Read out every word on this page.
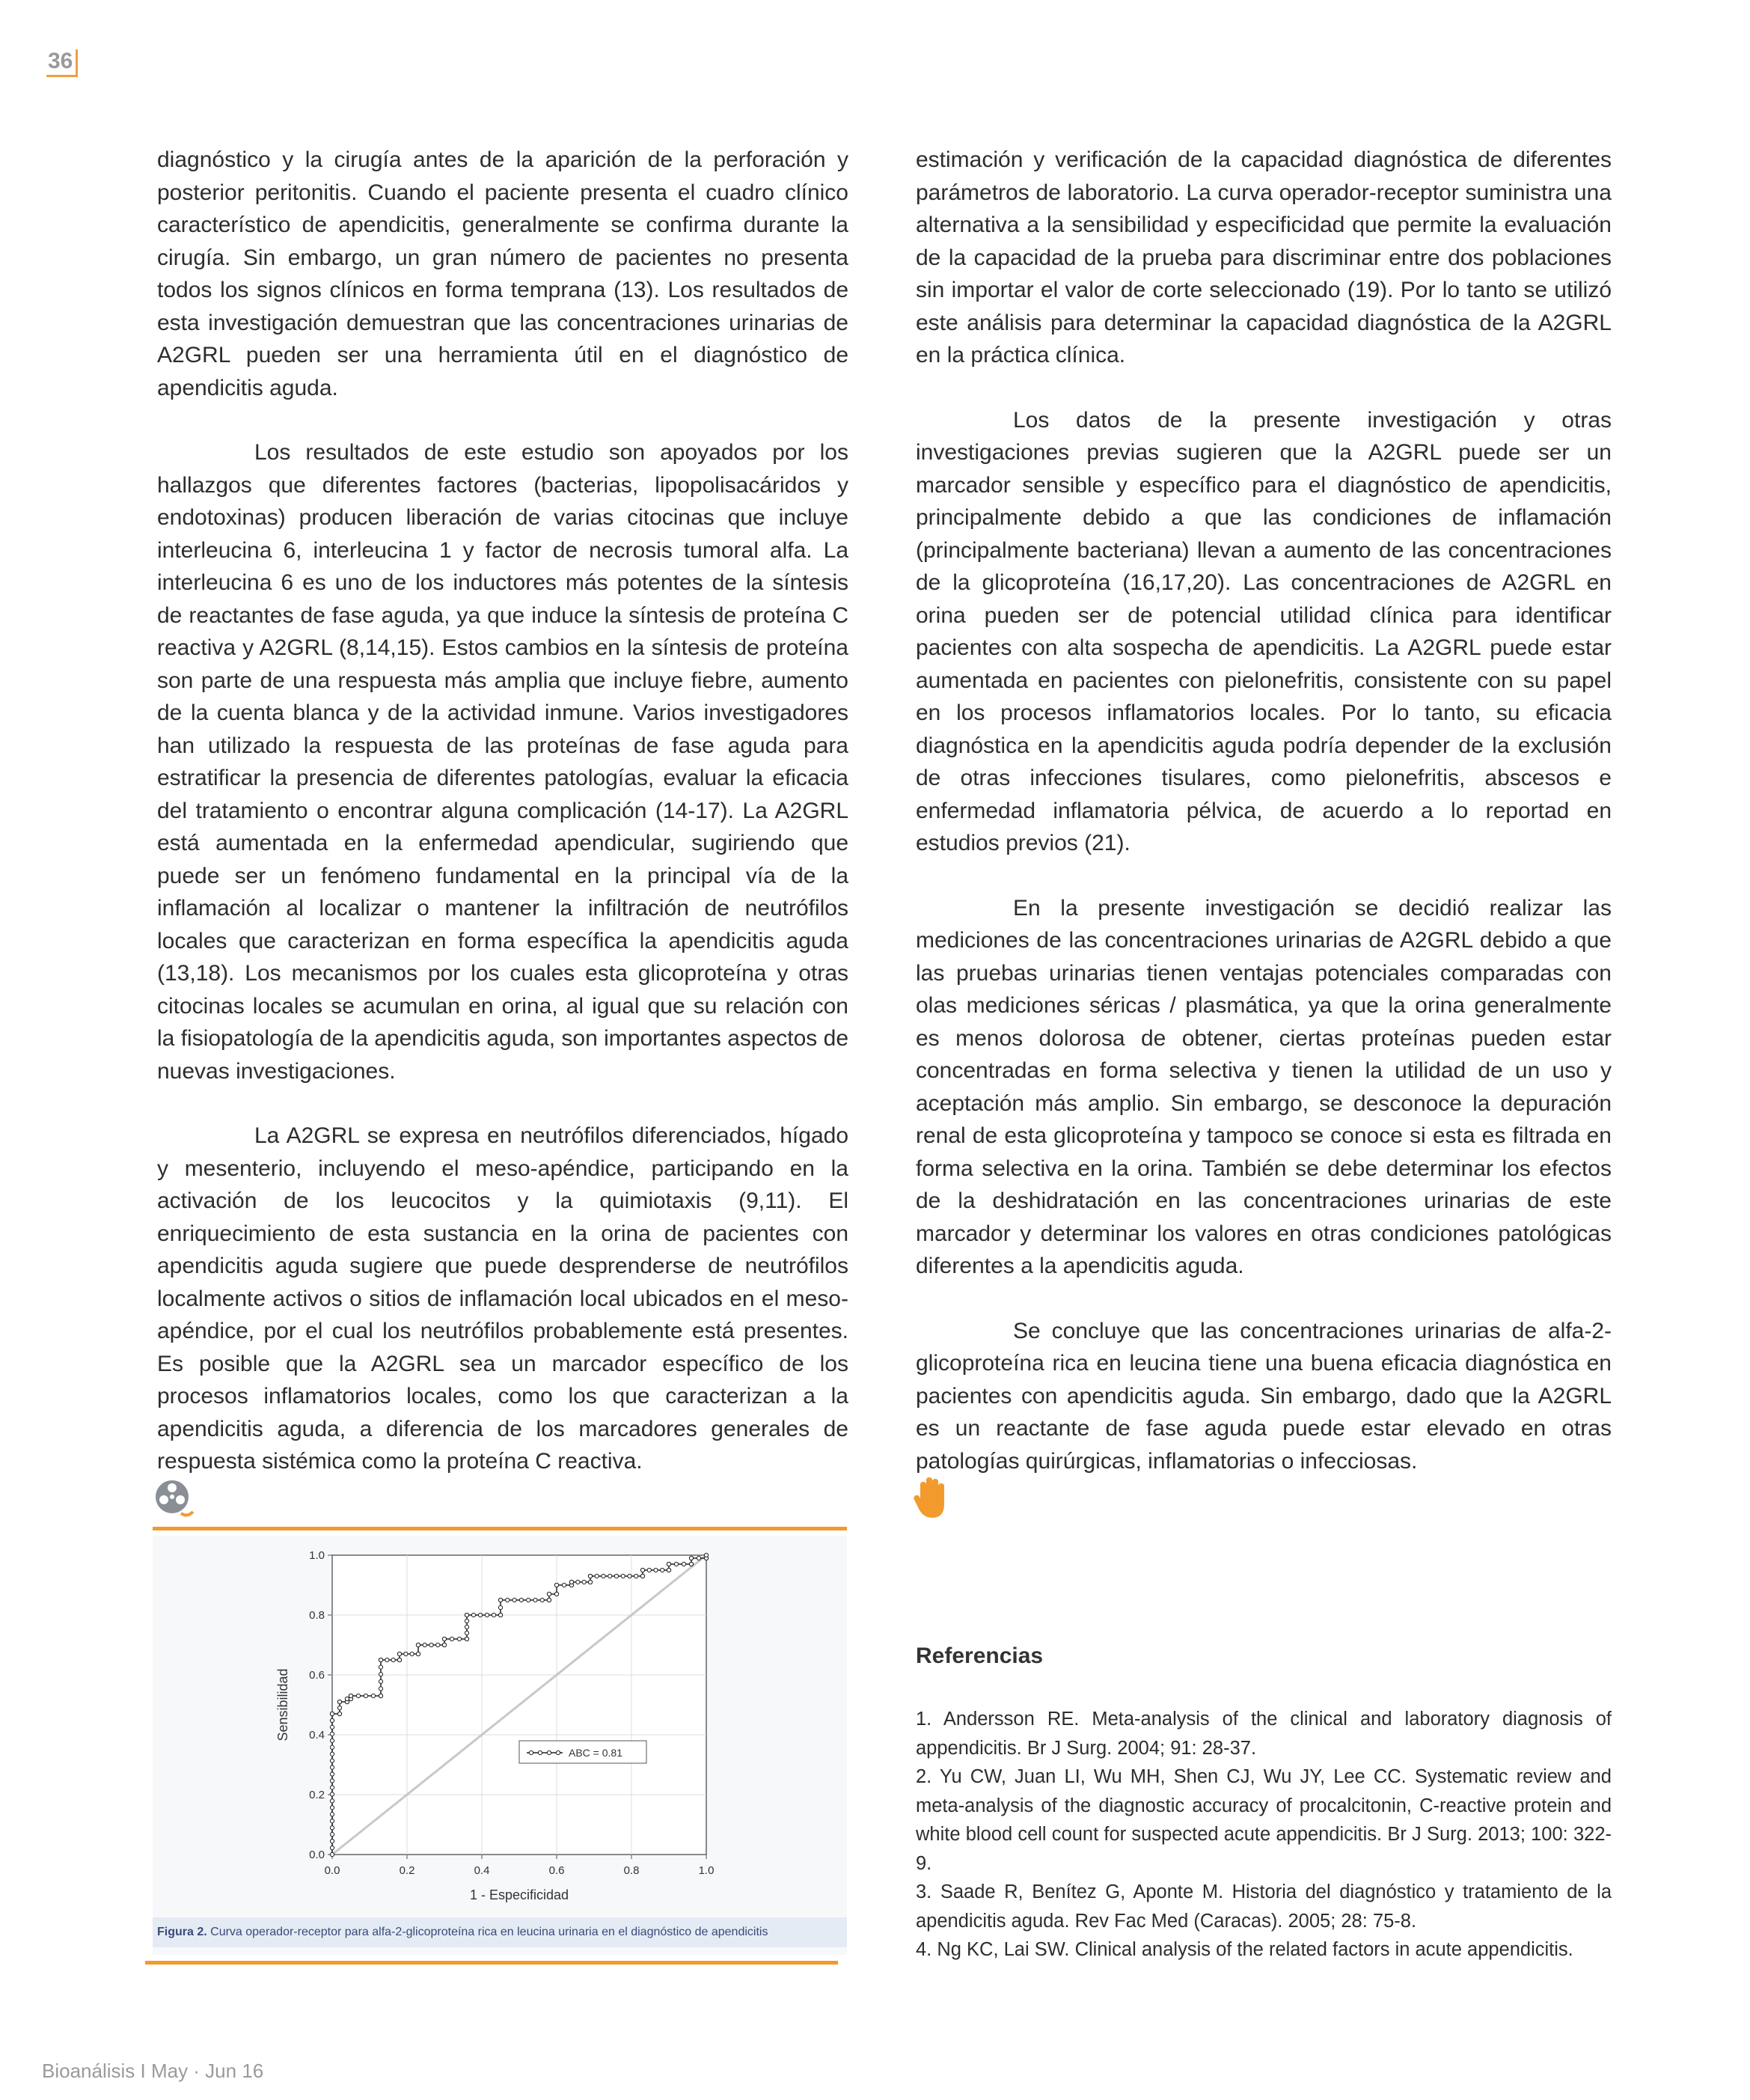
36

diagnóstico y la cirugía antes de la aparición de la perforación y posterior peritonitis. Cuando el paciente presenta el cuadro clínico característico de apendicitis, generalmente se confirma durante la cirugía. Sin embargo, un gran número de pacientes no presenta todos los signos clínicos en forma temprana (13). Los resultados de esta investigación demuestran que las concentraciones urinarias de A2GRL pueden ser una herramienta útil en el diagnóstico de apendicitis aguda.

Los resultados de este estudio son apoyados por los hallazgos que diferentes factores (bacterias, lipopolisacáridos y endotoxinas) producen liberación de varias citocinas que incluye interleucina 6, interleucina 1 y factor de necrosis tumoral alfa. La interleucina 6 es uno de los inductores más potentes de la síntesis de reactantes de fase aguda, ya que induce la síntesis de proteína C reactiva y A2GRL (8,14,15). Estos cambios en la síntesis de proteína son parte de una respuesta más amplia que incluye fiebre, aumento de la cuenta blanca y de la actividad inmune. Varios investigadores han utilizado la respuesta de las proteínas de fase aguda para estratificar la presencia de diferentes patologías, evaluar la eficacia del tratamiento o encontrar alguna complicación (14-17). La A2GRL está aumentada en la enfermedad apendicular, sugiriendo que puede ser un fenómeno fundamental en la principal vía de la inflamación al localizar o mantener la infiltración de neutrófilos locales que caracterizan en forma específica la apendicitis aguda (13,18). Los mecanismos por los cuales esta glicoproteína y otras citocinas locales se acumulan en orina, al igual que su relación con la fisiopatología de la apendicitis aguda, son importantes aspectos de nuevas investigaciones.

La A2GRL se expresa en neutrófilos diferenciados, hígado y mesenterio, incluyendo el meso-apéndice, participando en la activación de los leucocitos y la quimiotaxis (9,11). El enriquecimiento de esta sustancia en la orina de pacientes con apendicitis aguda sugiere que puede desprenderse de neutrófilos localmente activos o sitios de inflamación local ubicados en el meso-apéndice, por el cual los neutrófilos probablemente está presentes. Es posible que la A2GRL sea un marcador específico de los procesos inflamatorios locales, como los que caracterizan a la apendicitis aguda, a diferencia de los marcadores generales de respuesta sistémica como la proteína C reactiva.

estimación y verificación de la capacidad diagnóstica de diferentes parámetros de laboratorio. La curva operador-receptor suministra una alternativa a la sensibilidad y especificidad que permite la evaluación de la capacidad de la prueba para discriminar entre dos poblaciones sin importar el valor de corte seleccionado (19). Por lo tanto se utilizó este análisis para determinar la capacidad diagnóstica de la A2GRL en la práctica clínica.

Los datos de la presente investigación y otras investigaciones previas sugieren que la A2GRL puede ser un marcador sensible y específico para el diagnóstico de apendicitis, principalmente debido a que las condiciones de inflamación (principalmente bacteriana) llevan a aumento de las concentraciones de la glicoproteína (16,17,20). Las concentraciones de A2GRL en orina pueden ser de potencial utilidad clínica para identificar pacientes con alta sospecha de apendicitis. La A2GRL puede estar aumentada en pacientes con pielonefritis, consistente con su papel en los procesos inflamatorios locales. Por lo tanto, su eficacia diagnóstica en la apendicitis aguda podría depender de la exclusión de otras infecciones tisulares, como pielonefritis, abscesos e enfermedad inflamatoria pélvica, de acuerdo a lo reportad en estudios previos (21).

En la presente investigación se decidió realizar las mediciones de las concentraciones urinarias de A2GRL debido a que las pruebas urinarias tienen ventajas potenciales comparadas con olas mediciones séricas / plasmática, ya que la orina generalmente es menos dolorosa de obtener, ciertas proteínas pueden estar concentradas en forma selectiva y tienen la utilidad de un uso y aceptación más amplio. Sin embargo, se desconoce la depuración renal de esta glicoproteína y tampoco se conoce si esta es filtrada en forma selectiva en la orina. También se debe determinar los efectos de la deshidratación en las concentraciones urinarias de este marcador y determinar los valores en otras condiciones patológicas diferentes a la apendicitis aguda.

Se concluye que las concentraciones urinarias de alfa-2-glicoproteína rica en leucina tiene una buena eficacia diagnóstica en pacientes con apendicitis aguda. Sin embargo, dado que la A2GRL es un reactante de fase aguda puede estar elevado en otras patologías quirúrgicas, inflamatorias o infecciosas.

0.0
0.0
0.2
0.2
0.4
0.4
0.6
0.6
0.8
0.8
1.0
1.0
1 - Especificidad
Sensibilidad
ABC = 0.81
Figura 2. Curva operador-receptor para alfa-2-glicoproteína rica en leucina urinaria en el diagnóstico de apendicitis
Referencias
1. Andersson RE. Meta-analysis of the clinical and laboratory diagnosis of appendicitis. Br J Surg. 2004; 91: 28-37.
2. Yu CW, Juan LI, Wu MH, Shen CJ, Wu JY, Lee CC. Systematic review and meta-analysis of the diagnostic accuracy of procalcitonin, C-reactive protein and white blood cell count for suspected acute appendicitis. Br J Surg. 2013; 100: 322-9.
3. Saade R, Benítez G, Aponte M. Historia del diagnóstico y tratamiento de la apendicitis aguda. Rev Fac Med (Caracas). 2005; 28: 75-8.
4. Ng KC, Lai SW. Clinical analysis of the related factors in acute appendicitis.
Bioanálisis I May · Jun 16
